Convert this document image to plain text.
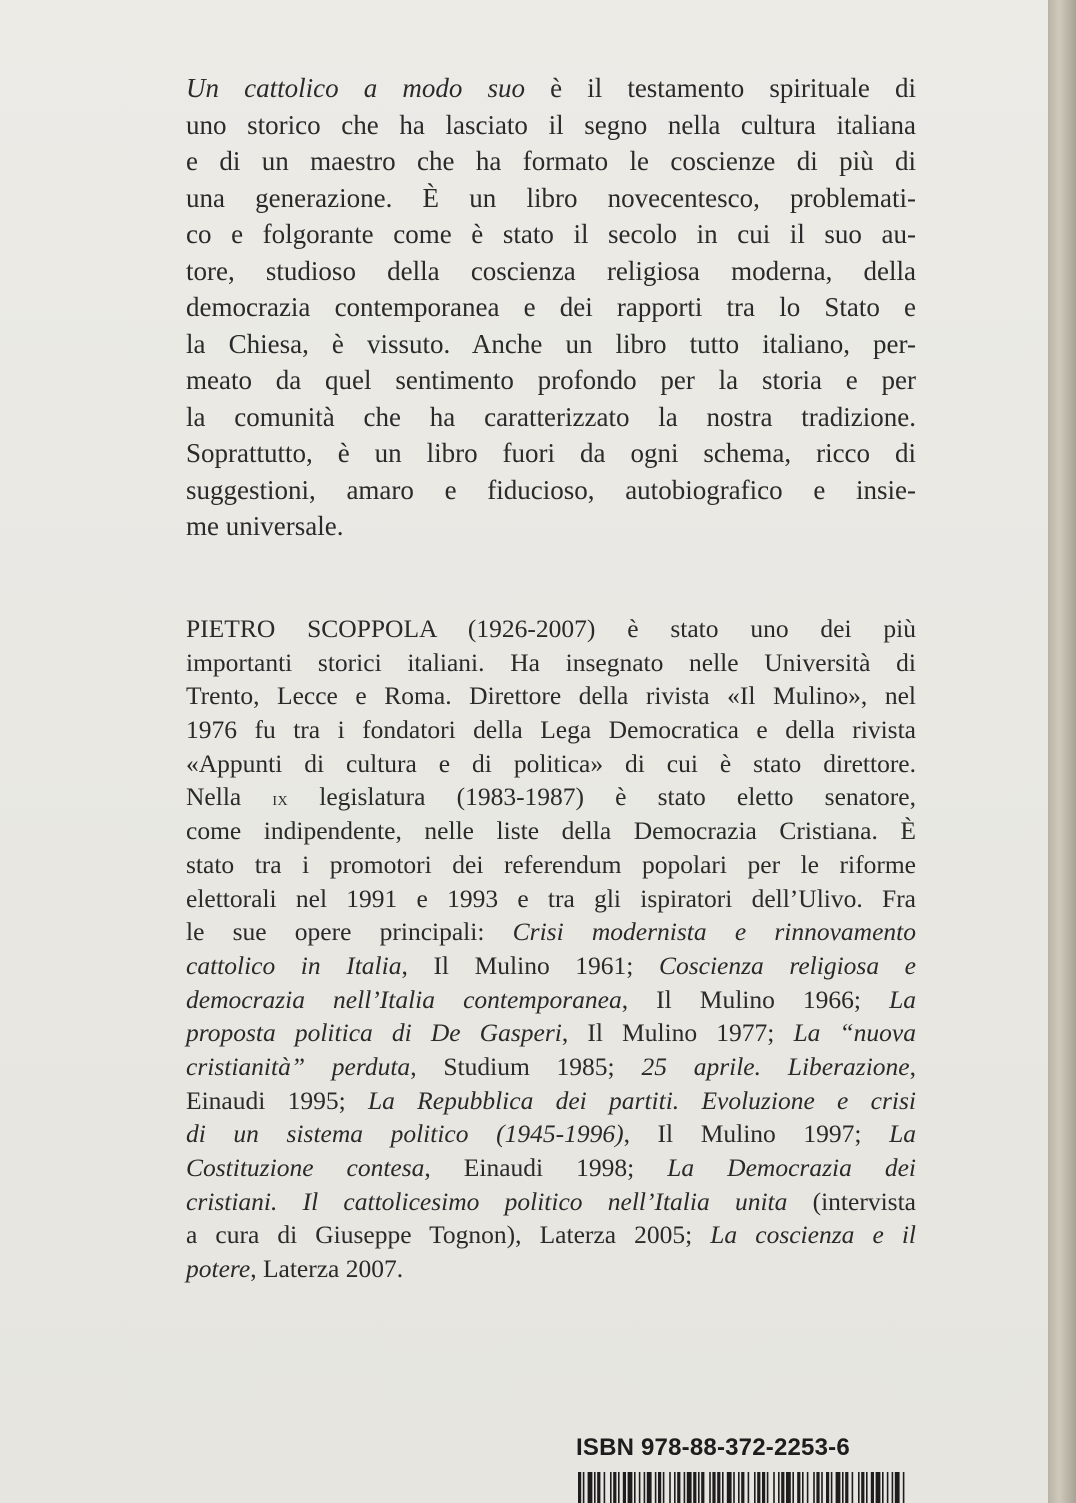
Un cattolico a modo suo è il testamento spirituale di
uno storico che ha lasciato il segno nella cultura italiana
e di un maestro che ha formato le coscienze di più di
una generazione. È un libro novecentesco, problemati-
co e folgorante come è stato il secolo in cui il suo au-
tore, studioso della coscienza religiosa moderna, della
democrazia contemporanea e dei rapporti tra lo Stato e
la Chiesa, è vissuto. Anche un libro tutto italiano, per-
meato da quel sentimento profondo per la storia e per
la comunità che ha caratterizzato la nostra tradizione.
Soprattutto, è un libro fuori da ogni schema, ricco di
suggestioni, amaro e fiducioso, autobiografico e insie-
me universale.
PIETRO SCOPPOLA (1926-2007) è stato uno dei più
importanti storici italiani. Ha insegnato nelle Università di
Trento, Lecce e Roma. Direttore della rivista «Il Mulino», nel
1976 fu tra i fondatori della Lega Democratica e della rivista
«Appunti di cultura e di politica» di cui è stato direttore.
Nella ix legislatura (1983-1987) è stato eletto senatore,
come indipendente, nelle liste della Democrazia Cristiana. È
stato tra i promotori dei referendum popolari per le riforme
elettorali nel 1991 e 1993 e tra gli ispiratori dell’Ulivo. Fra
le sue opere principali: Crisi modernista e rinnovamento
cattolico in Italia, Il Mulino 1961; Coscienza religiosa e
democrazia nell’Italia contemporanea, Il Mulino 1966; La
proposta politica di De Gasperi, Il Mulino 1977; La “nuova
cristianità” perduta, Studium 1985; 25 aprile. Liberazione,
Einaudi 1995; La Repubblica dei partiti. Evoluzione e crisi
di un sistema politico (1945-1996), Il Mulino 1997; La
Costituzione contesa, Einaudi 1998; La Democrazia dei
cristiani. Il cattolicesimo politico nell’Italia unita (intervista
a cura di Giuseppe Tognon), Laterza 2005; La coscienza e il
potere, Laterza 2007.
ISBN 978-88-372-2253-6
